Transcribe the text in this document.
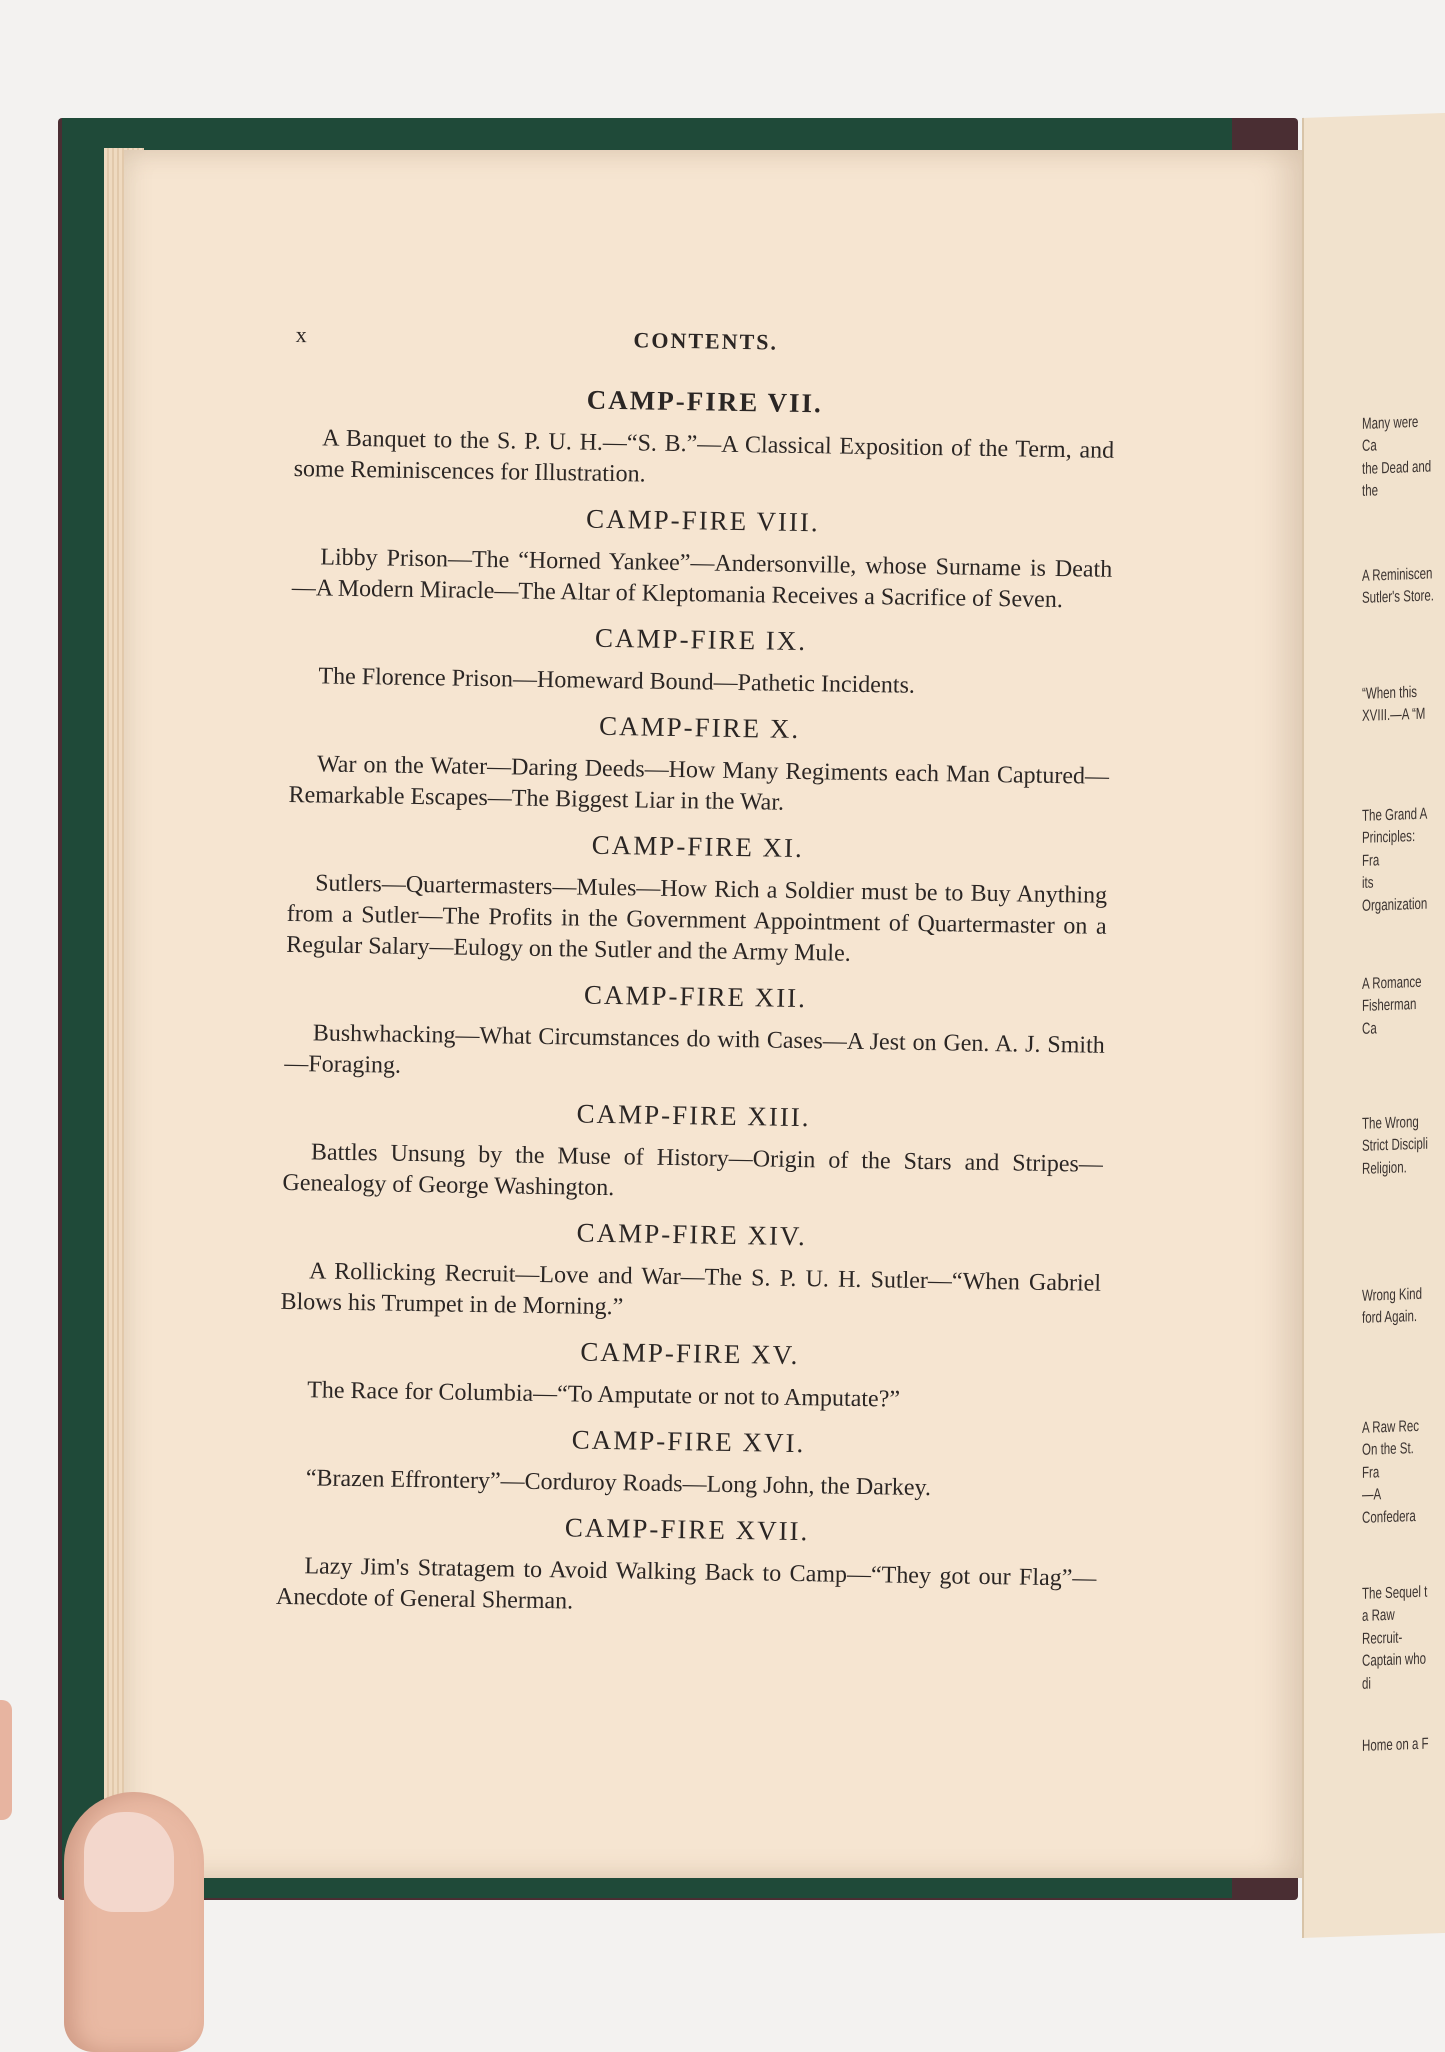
Many were Ca
the Dead and the
A Reminiscen
Sutler's Store.
“When this
XVIII.—A “M
The Grand A
Principles: Fra
its Organization
A Romance
Fisherman Ca
The Wrong
Strict Discipli
Religion.
Wrong Kind
ford Again.
A Raw Rec
On the St. Fra
—A Confedera
The Sequel t
a Raw Recruit-
Captain who di
Home on a F
x	CONTENTS.
CAMP-FIRE VII.

A Banquet to the S. P. U. H.—“S. B.”—A Classical Exposition of the Term, and some Reminiscences for Illustration.

CAMP-FIRE VIII.

Libby Prison—The “Horned Yankee”—Andersonville, whose Surname is Death—A Modern Miracle—The Altar of Kleptomania Receives a Sacrifice of Seven.

CAMP-FIRE IX.

The Florence Prison—Homeward Bound—Pathetic Incidents.

CAMP-FIRE X.

War on the Water—Daring Deeds—How Many Regiments each Man Captured—Remarkable Escapes—The Biggest Liar in the War.

CAMP-FIRE XI.

Sutlers—Quartermasters—Mules—How Rich a Soldier must be to Buy Anything from a Sutler—The Profits in the Government Appointment of Quartermaster on a Regular Salary—Eulogy on the Sutler and the Army Mule.

CAMP-FIRE XII.

Bushwhacking—What Circumstances do with Cases—A Jest on Gen. A. J. Smith—Foraging.

CAMP-FIRE XIII.

Battles Unsung by the Muse of History—Origin of the Stars and Stripes—Genealogy of George Washington.

CAMP-FIRE XIV.

A Rollicking Recruit—Love and War—The S. P. U. H. Sutler—“When Gabriel Blows his Trumpet in de Morning.”

CAMP-FIRE XV.

The Race for Columbia—“To Amputate or not to Amputate?”

CAMP-FIRE XVI.

“Brazen Effrontery”—Corduroy Roads—Long John, the Darkey.

CAMP-FIRE XVII.

Lazy Jim's Stratagem to Avoid Walking Back to Camp—“They got our Flag”—Anecdote of General Sherman.
